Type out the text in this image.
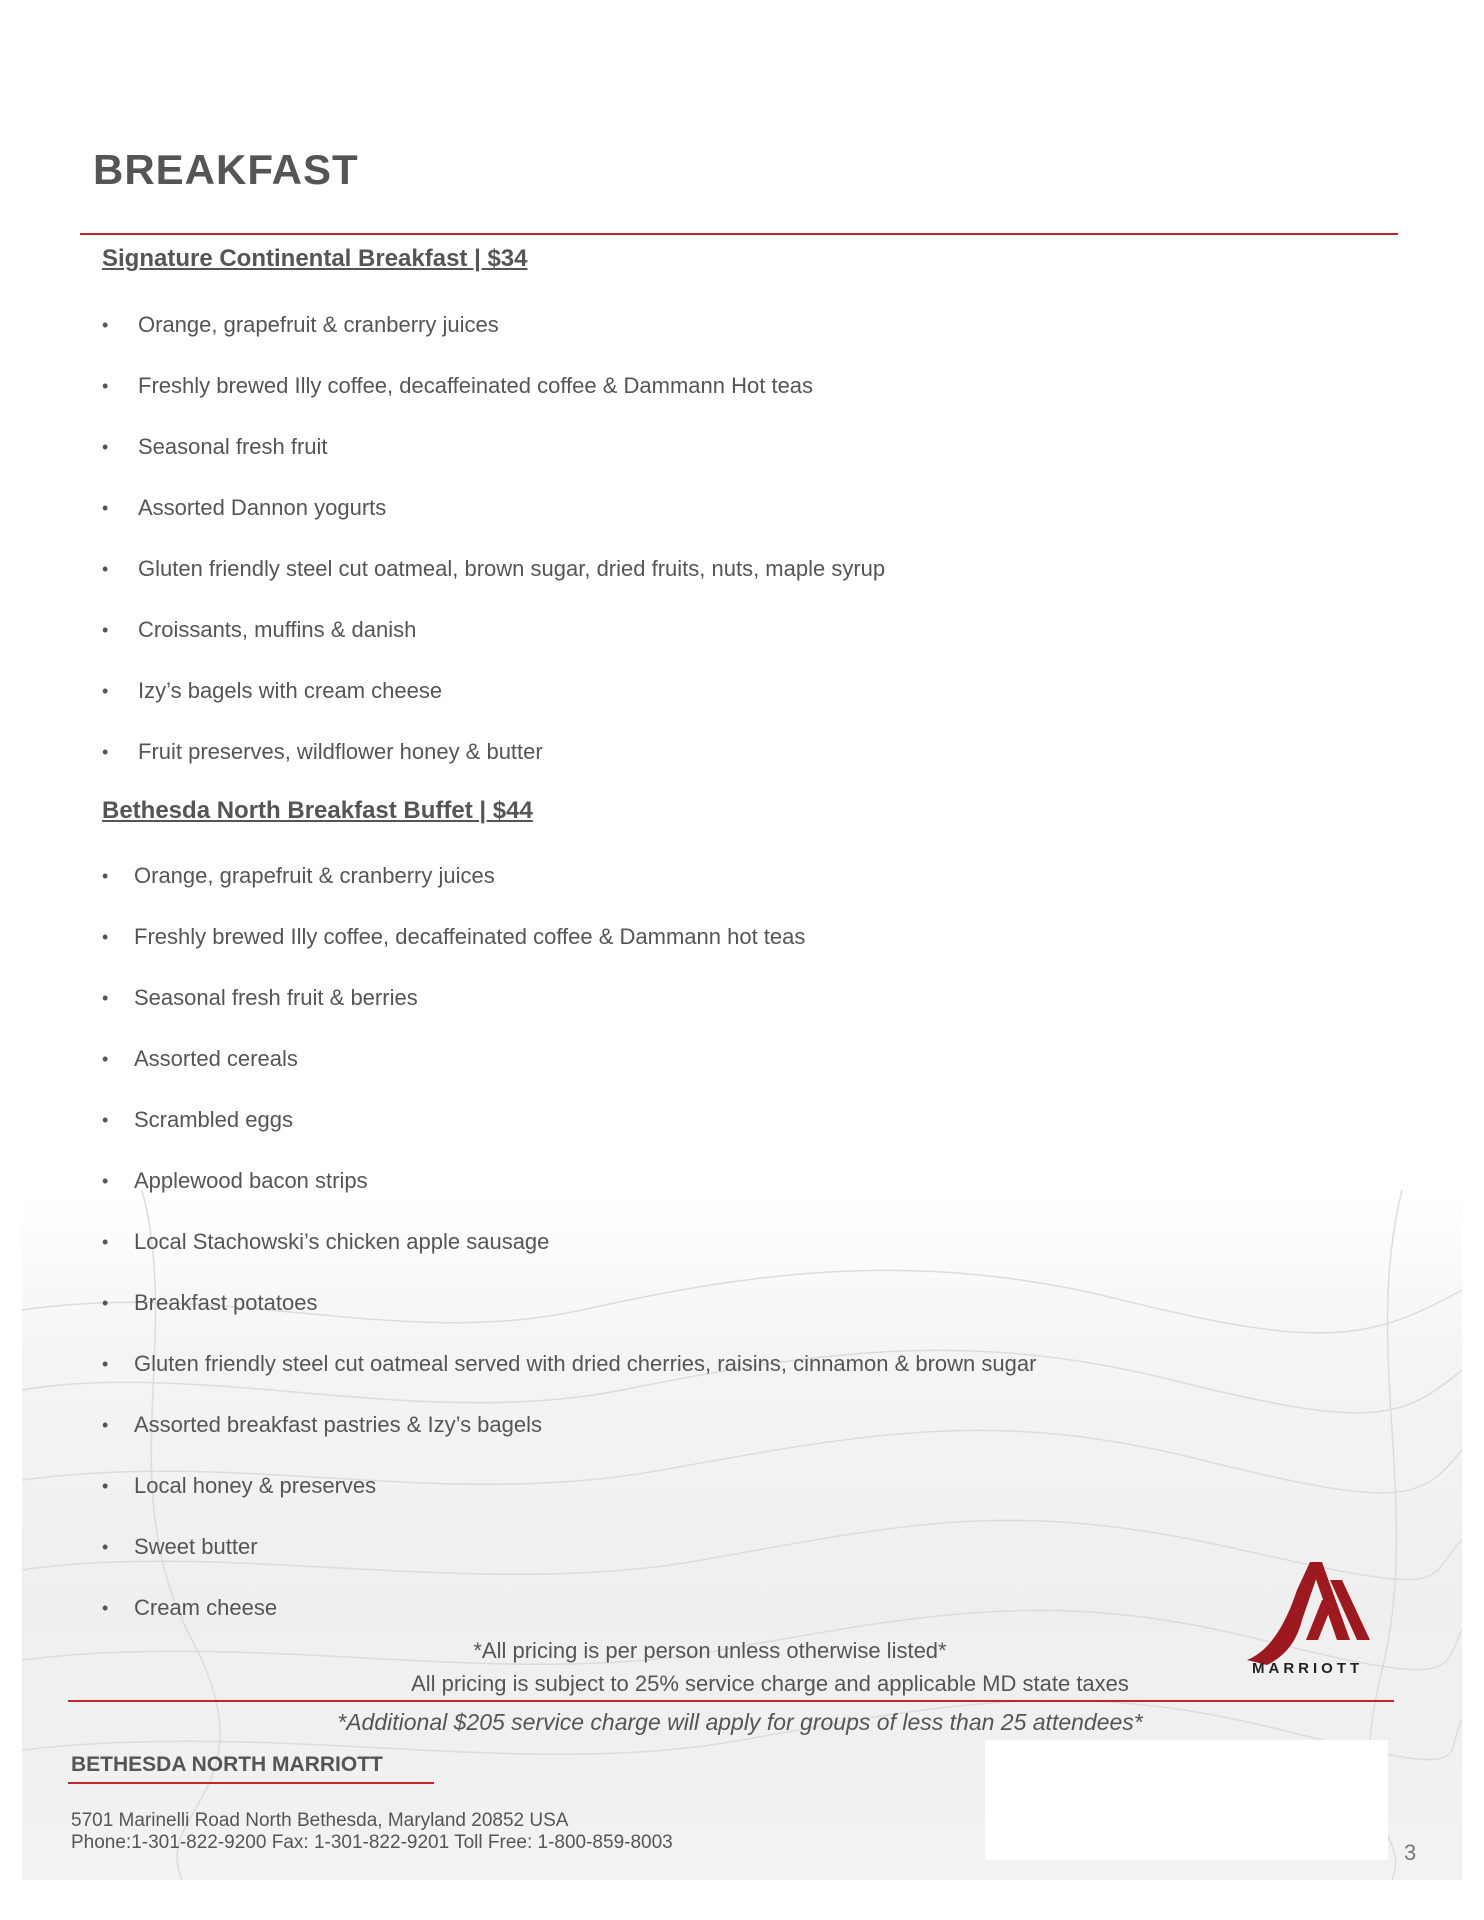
BREAKFAST
Signature Continental Breakfast | $34
• Orange, grapefruit & cranberry juices
• Freshly brewed Illy coffee, decaffeinated coffee & Dammann Hot teas
• Seasonal fresh fruit
• Assorted Dannon yogurts
• Gluten friendly steel cut oatmeal, brown sugar, dried fruits, nuts, maple syrup
• Croissants, muffins & danish
• Izy’s bagels with cream cheese
• Fruit preserves, wildflower honey & butter
Bethesda North Breakfast Buffet | $44
• Orange, grapefruit & cranberry juices
• Freshly brewed Illy coffee, decaffeinated coffee & Dammann hot teas
• Seasonal fresh fruit & berries
• Assorted cereals
• Scrambled eggs
• Applewood bacon strips
• Local Stachowski’s chicken apple sausage
• Breakfast potatoes
• Gluten friendly steel cut oatmeal served with dried cherries, raisins, cinnamon & brown sugar
• Assorted breakfast pastries & Izy’s bagels
• Local honey & preserves
• Sweet butter
• Cream cheese
*All pricing is per person unless otherwise listed*
All pricing is subject to 25% service charge and applicable MD state taxes
*Additional $205 service charge will apply for groups of less than 25 attendees*
MARRIOTT
BETHESDA NORTH MARRIOTT
5701 Marinelli Road North Bethesda, Maryland 20852 USA
Phone:1-301-822-9200 Fax: 1-301-822-9201 Toll Free: 1-800-859-8003	3
